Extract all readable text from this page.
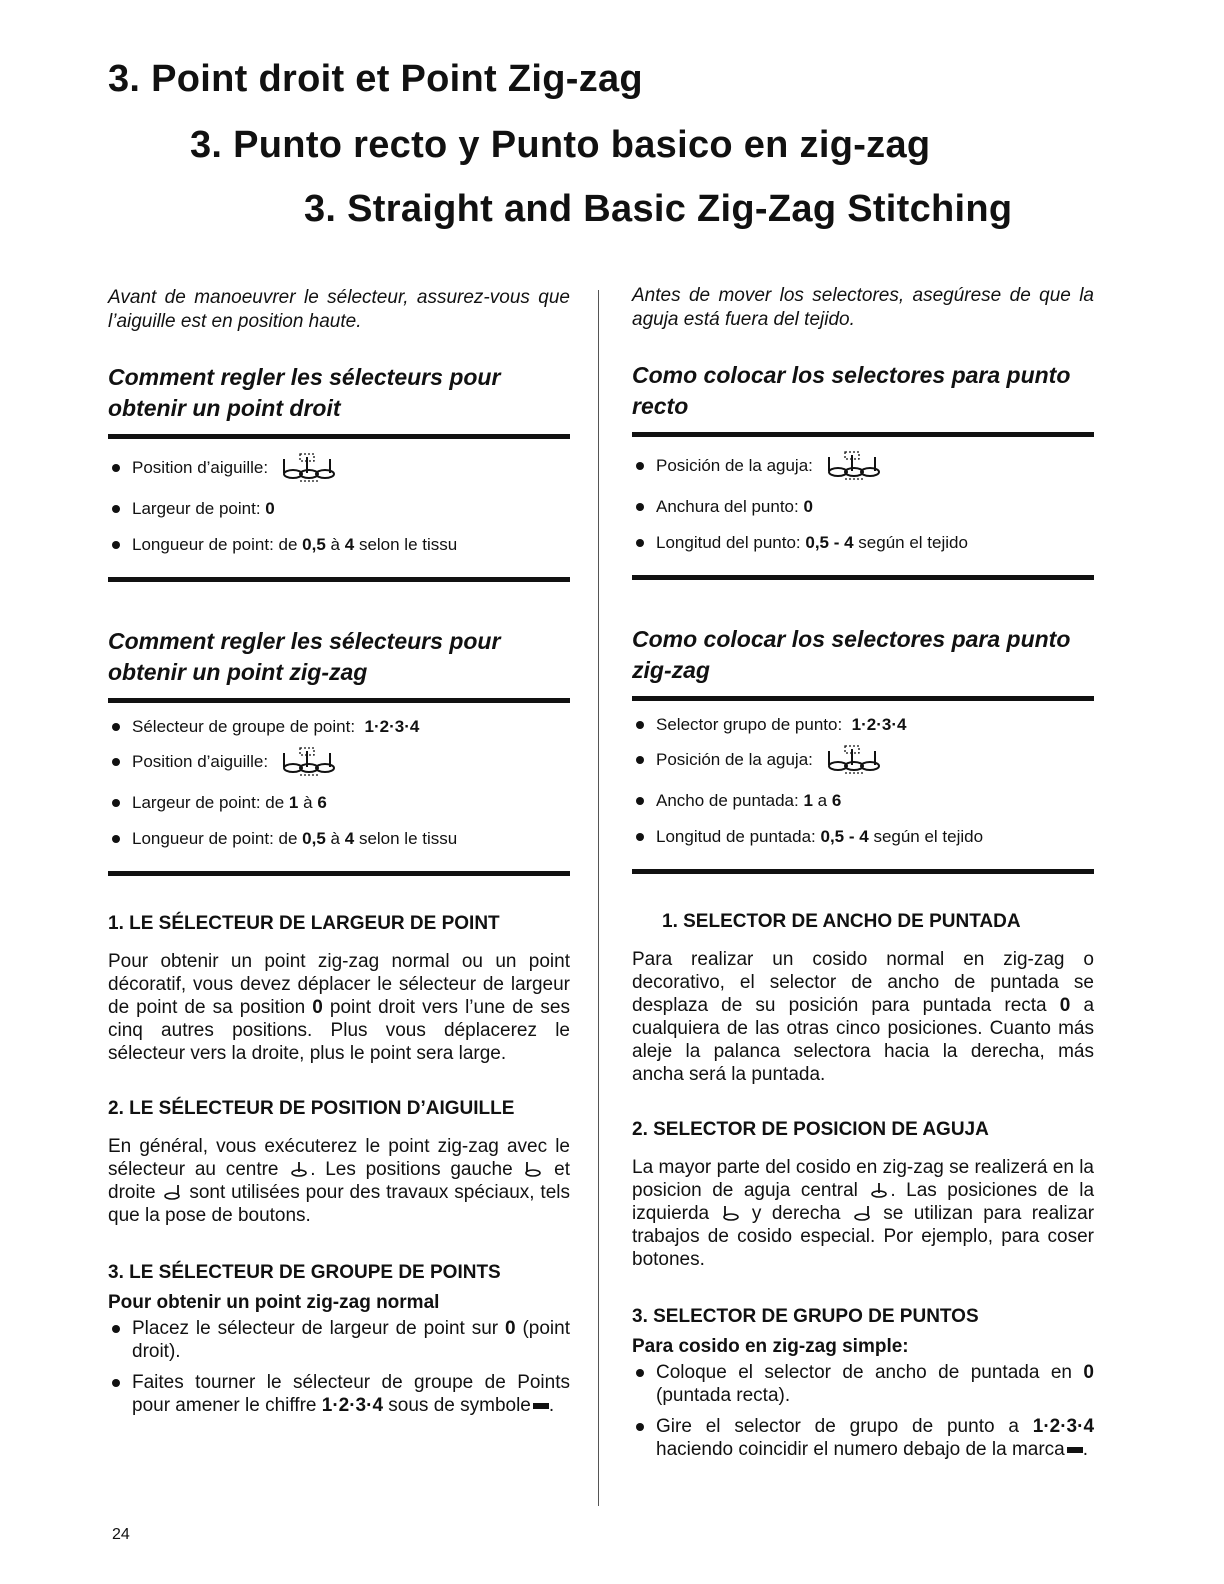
3. Point droit et Point Zig-zag
3. Punto recto y Punto basico en zig-zag
3. Straight and Basic Zig-Zag Stitching

Avant de manoeuvrer le sélecteur, assurez-vous que l’aiguille est en position haute.

Comment regler les sélecteurs pour obtenir un point droit
Position d’aiguille:
Largeur de point:
0
Longueur de point: de
0,5
à
4
selon le tissu
Comment regler les sélecteurs pour obtenir un point zig-zag
Sélecteur de groupe de point:
1·2·3·4
Position d’aiguille:
Largeur de point: de
1
à
6
Longueur de point: de
0,5
à
4
selon le tissu
1. LE SÉLECTEUR DE LARGEUR DE POINT

Pour obtenir un point zig-zag normal ou un point décoratif, vous devez déplacer le sélecteur de largeur de point de sa position 0 point droit vers l’une de ses cinq autres positions. Plus vous déplacerez le sélecteur vers la droite, plus le point sera large.

2. LE SÉLECTEUR DE POSITION D’AIGUILLE

En général, vous exécuterez le point zig-zag avec le sélecteur au centre . Les positions gauche et droite sont utilisées pour des travaux spéciaux, tels que la pose de boutons.

3. LE SÉLECTEUR DE GROUPE DE POINTS
Pour obtenir un point zig-zag normal
Placez le sélecteur de largeur de point sur 0 (point droit).
Faites tourner le sélecteur de groupe de Points pour amener le chiffre 1·2·3·4 sous de symbole .

Antes de mover los selectores, asegúrese de que la aguja está fuera del tejido.

Como colocar los selectores para punto recto
Posición de la aguja:
Anchura del punto:
0
Longitud del punto:
0,5 - 4
según el tejido
Como colocar los selectores para punto zig-zag
Selector grupo de punto:
1·2·3·4
Posición de la aguja:
Ancho de puntada:
1
a
6
Longitud de puntada:
0,5 - 4
según el tejido
1. SELECTOR DE ANCHO DE PUNTADA

Para realizar un cosido normal en zig-zag o decorativo, el selector de ancho de puntada se desplaza de su posición para puntada recta 0 a cualquiera de las otras cinco posiciones. Cuanto más aleje la palanca selectora hacia la derecha, más ancha será la puntada.

2. SELECTOR DE POSICION DE AGUJA

La mayor parte del cosido en zig-zag se realizerá en la posicion de aguja central . Las posiciones de la izquierda y derecha se utilizan para realizar trabajos de cosido especial. Por ejemplo, para coser botones.

3. SELECTOR DE GRUPO DE PUNTOS
Para cosido en zig-zag simple:
Coloque el selector de ancho de puntada en 0 (puntada recta).
Gire el selector de grupo de punto a 1·2·3·4 haciendo coincidir el numero debajo de la marca .
24
